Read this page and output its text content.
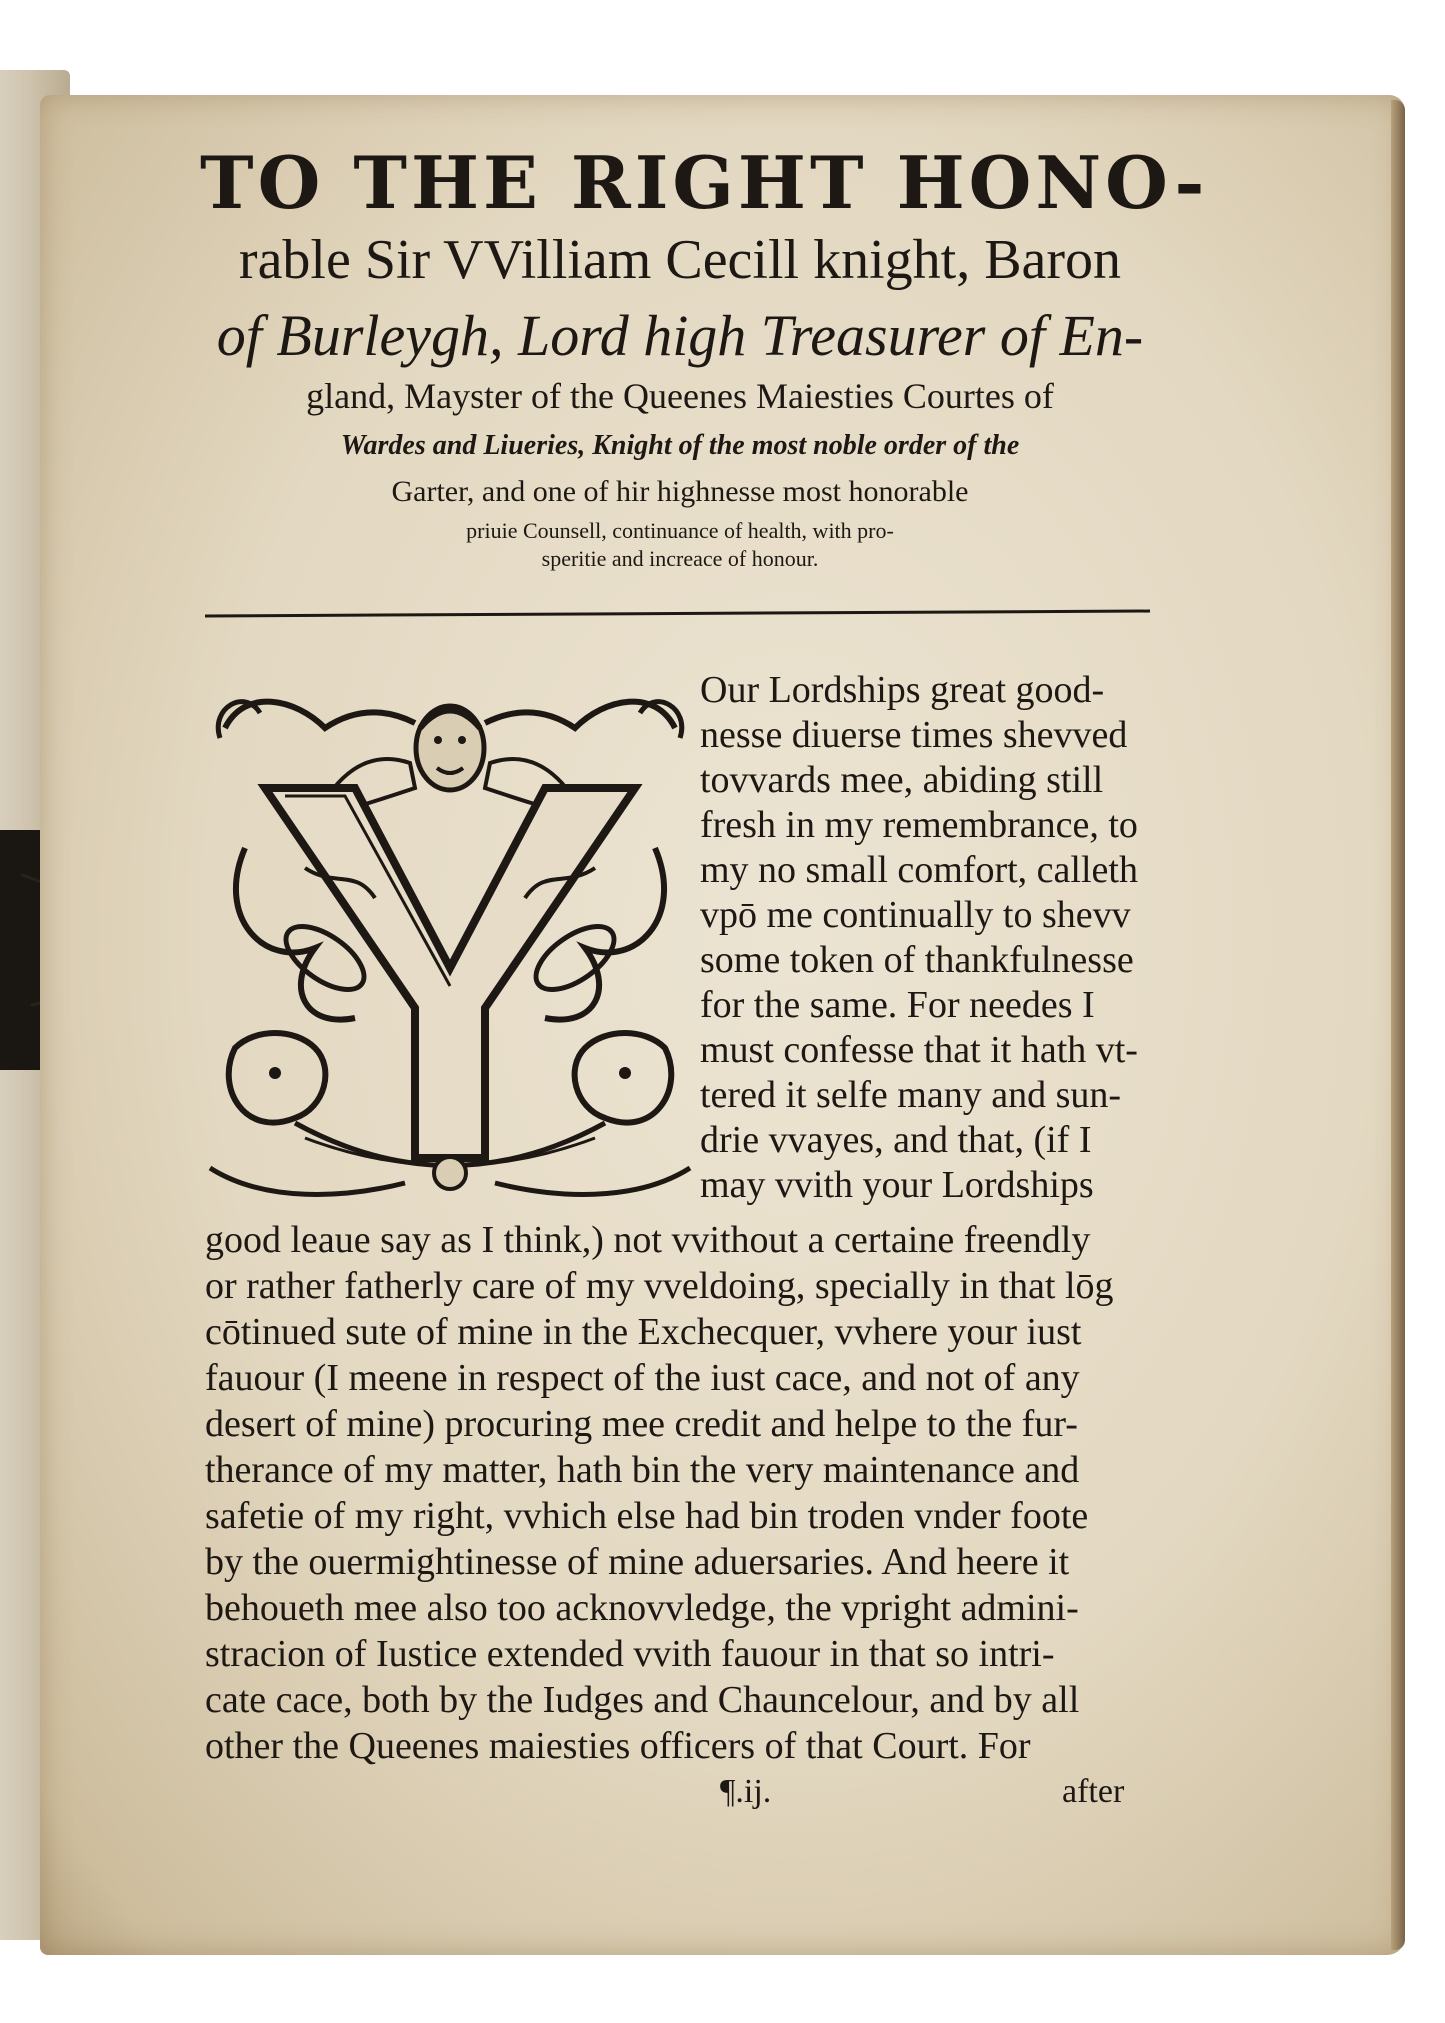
TO THE RIGHT HONO-
rable Sir VVilliam Cecill knight, Baron
of Burleygh, Lord high Treasurer of En-
gland, Mayster of the Queenes Maiesties Courtes of
Wardes and Liueries, Knight of the most noble order of the
Garter, and one of hir highnesse most honorable
priuie Counsell, continuance of health, with pro-
speritie and increace of honour.
Our Lordships great good-
nesse diuerse times shevved
tovvards mee, abiding still
fresh in my remembrance, to
my no small comfort, calleth
vpō me continually to shevv
some token of thankfulnesse
for the same. For needes I
must confesse that it hath vt-
tered it selfe many and sun-
drie vvayes, and that, (if I
may vvith your Lordships
good leaue say as I think,) not vvithout a certaine freendly
or rather fatherly care of my vveldoing, specially in that lōg
cōtinued sute of mine in the Exchecquer, vvhere your iust
fauour (I meene in respect of the iust cace, and not of any
desert of mine) procuring mee credit and helpe to the fur-
therance of my matter, hath bin the very maintenance and
safetie of my right, vvhich else had bin troden vnder foote
by the ouermightinesse of mine aduersaries. And heere it
behoueth mee also too acknovvledge, the vpright admini-
stracion of Iustice extended vvith fauour in that so intri-
cate cace, both by the Iudges and Chauncelour, and by all
other the Queenes maiesties officers of that Court. For
¶.ij.	after
